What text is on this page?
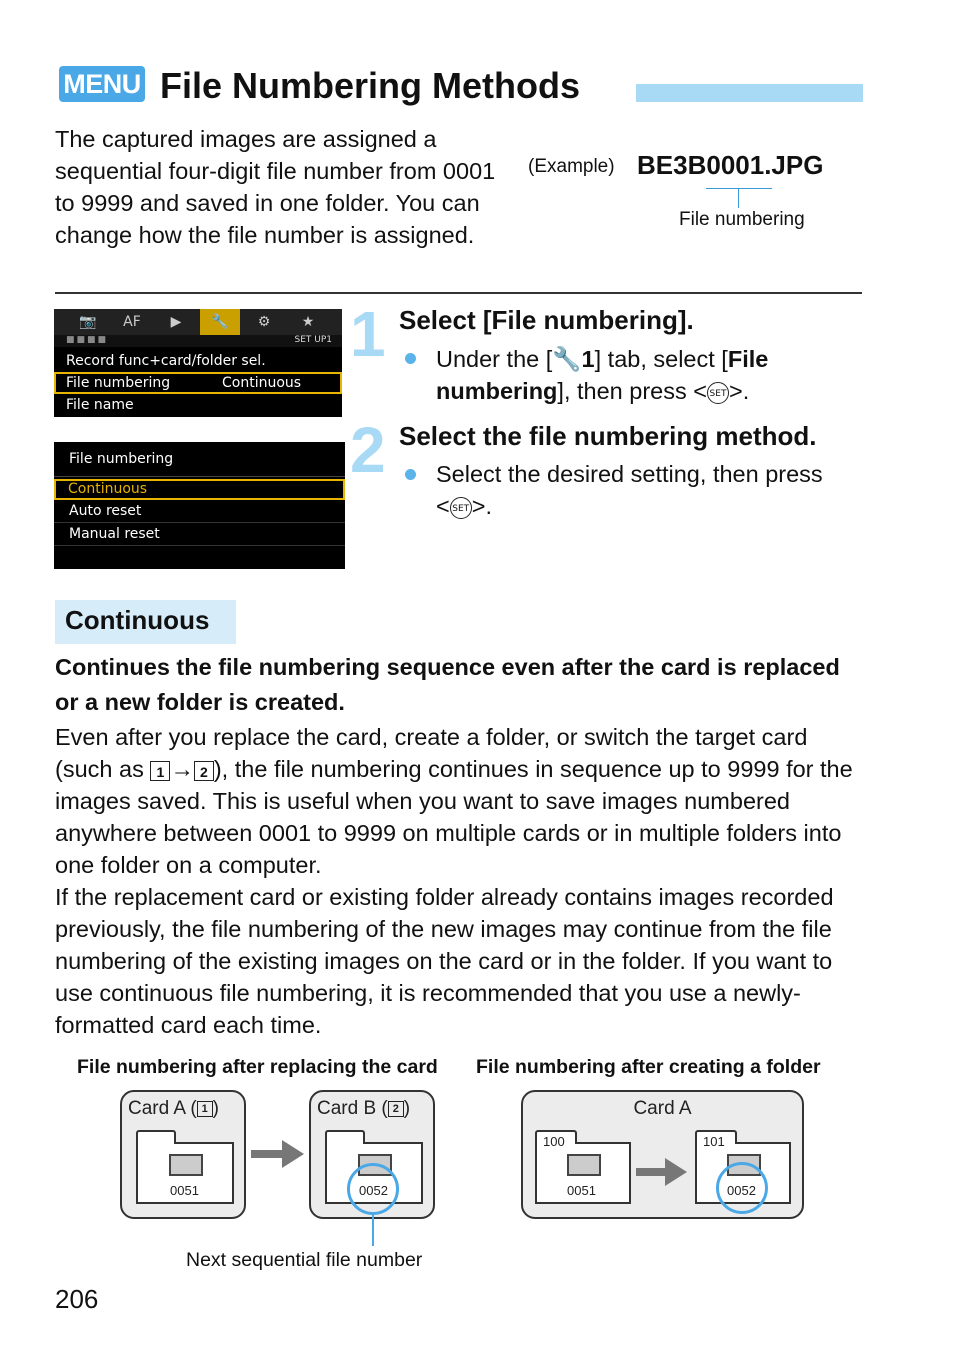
MENU File Numbering Methods
The captured images are assigned a sequential four-digit file number from 0001 to 9999 and saved in one folder. You can change how the file number is assigned.
(Example) BE3B0001.JPG
File numbering
📷	AF	▶	🔧	⚙	★
■■■■	SET UP1
Record func+card/folder sel.
File numbering	Continuous
File name
File numbering
Continuous
Auto reset
Manual reset
1 Select [File numbering].
Under the [🔧1] tab, select [File numbering], then press < SET >.
2 Select the file numbering method.
Select the desired setting, then press
< SET >.
Continuous
Continues the file numbering sequence even after the card is replaced or a new folder is created.
Even after you replace the card, create a folder, or switch the target card (such as 1 → 2 ), the file numbering continues in sequence up to 9999 for the images saved. This is useful when you want to save images numbered anywhere between 0001 to 9999 on multiple cards or in multiple folders into one folder on a computer.
If the replacement card or existing folder already contains images recorded previously, the file numbering of the new images may continue from the file numbering of the existing images on the card or in the folder. If you want to use continuous file numbering, it is recommended that you use a newly-formatted card each time.
File numbering after replacing the card
Card A ( 1 )
0051
Card B ( 2 )
0052
Next sequential file number
File numbering after creating a folder
Card A
0051
100
0052
101
206
